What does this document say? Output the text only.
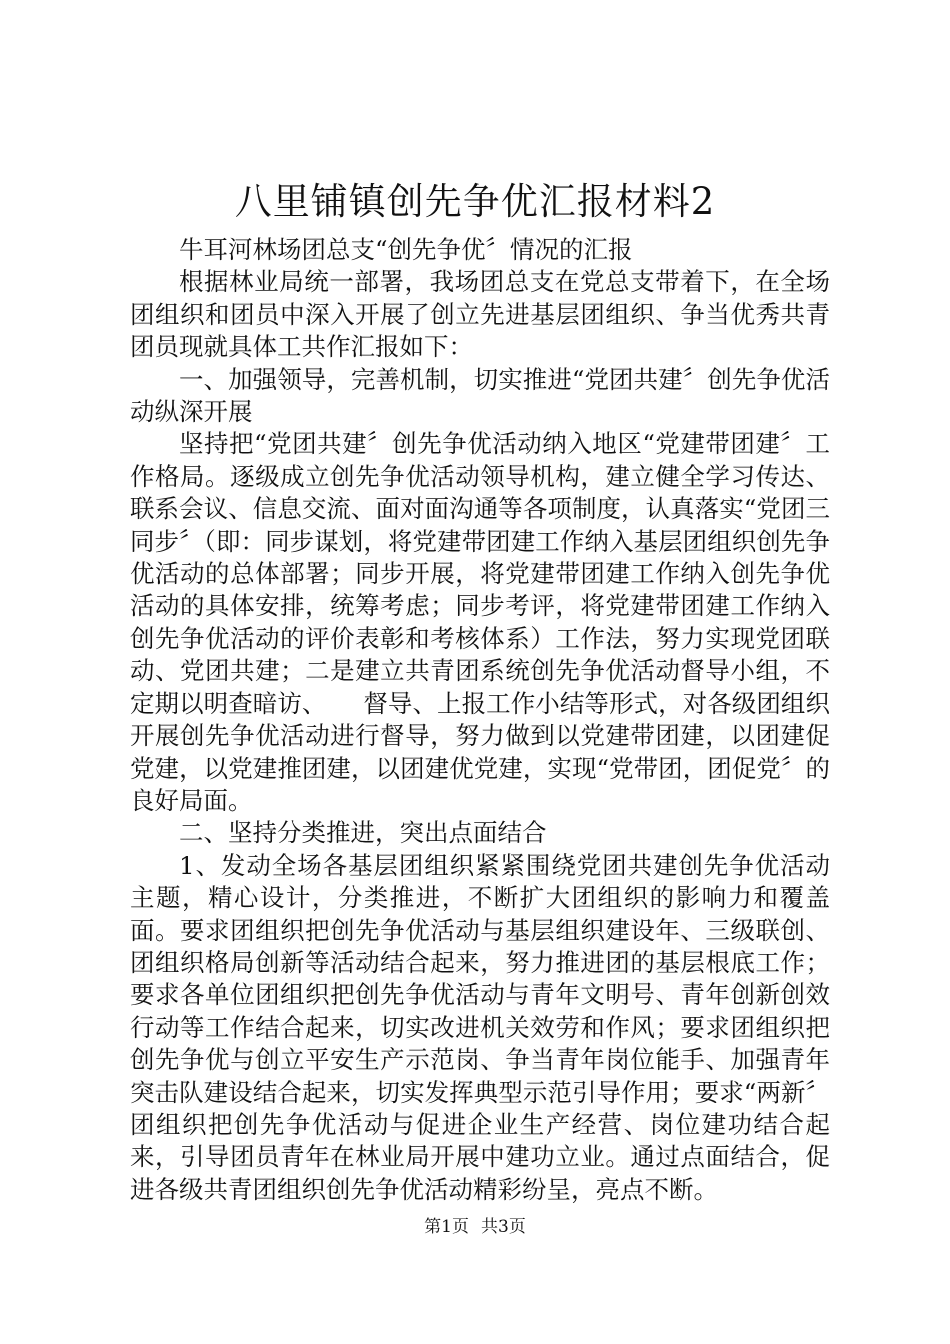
八里铺镇创先争优汇报材料2

牛耳河林场团总支“创先争优〞情况的汇报

根据林业局统一部署，我场团总支在党总支带着下，在全场团组织和团员中深入开展了创立先进基层团组织、争当优秀共青团员现就具体工共作汇报如下：

一、加强领导，完善机制，切实推进“党团共建〞创先争优活动纵深开展

坚持把“党团共建〞创先争优活动纳入地区“党建带团建〞工作格局。逐级成立创先争优活动领导机构，建立健全学习传达、联系会议、信息交流、面对面沟通等各项制度，认真落实“党团三同步〞（即：同步谋划，将党建带团建工作纳入基层团组织创先争优活动的总体部署；同步开展，将党建带团建工作纳入创先争优活动的具体安排，统筹考虑；同步考评，将党建带团建工作纳入创先争优活动的评价表彰和考核体系）工作法，努力实现党团联动、党团共建；二是建立共青团系统创先争优活动督导小组，不定期以明查暗访、　　督导、上报工作小结等形式，对各级团组织开展创先争优活动进行督导，努力做到以党建带团建，以团建促党建，以党建推团建，以团建优党建，实现“党带团，团促党〞的良好局面。

二、坚持分类推进，突出点面结合

1、发动全场各基层团组织紧紧围绕党团共建创先争优活动主题，精心设计，分类推进，不断扩大团组织的影响力和覆盖面。要求团组织把创先争优活动与基层组织建设年、三级联创、团组织格局创新等活动结合起来，努力推进团的基层根底工作；要求各单位团组织把创先争优活动与青年文明号、青年创新创效行动等工作结合起来，切实改进机关效劳和作风；要求团组织把创先争优与创立平安生产示范岗、争当青年岗位能手、加强青年突击队建设结合起来，切实发挥典型示范引导作用；要求“两新〞团组织把创先争优活动与促进企业生产经营、岗位建功结合起来，引导团员青年在林业局开展中建功立业。通过点面结合，促进各级共青团组织创先争优活动精彩纷呈，亮点不断。

第1页 共3页
